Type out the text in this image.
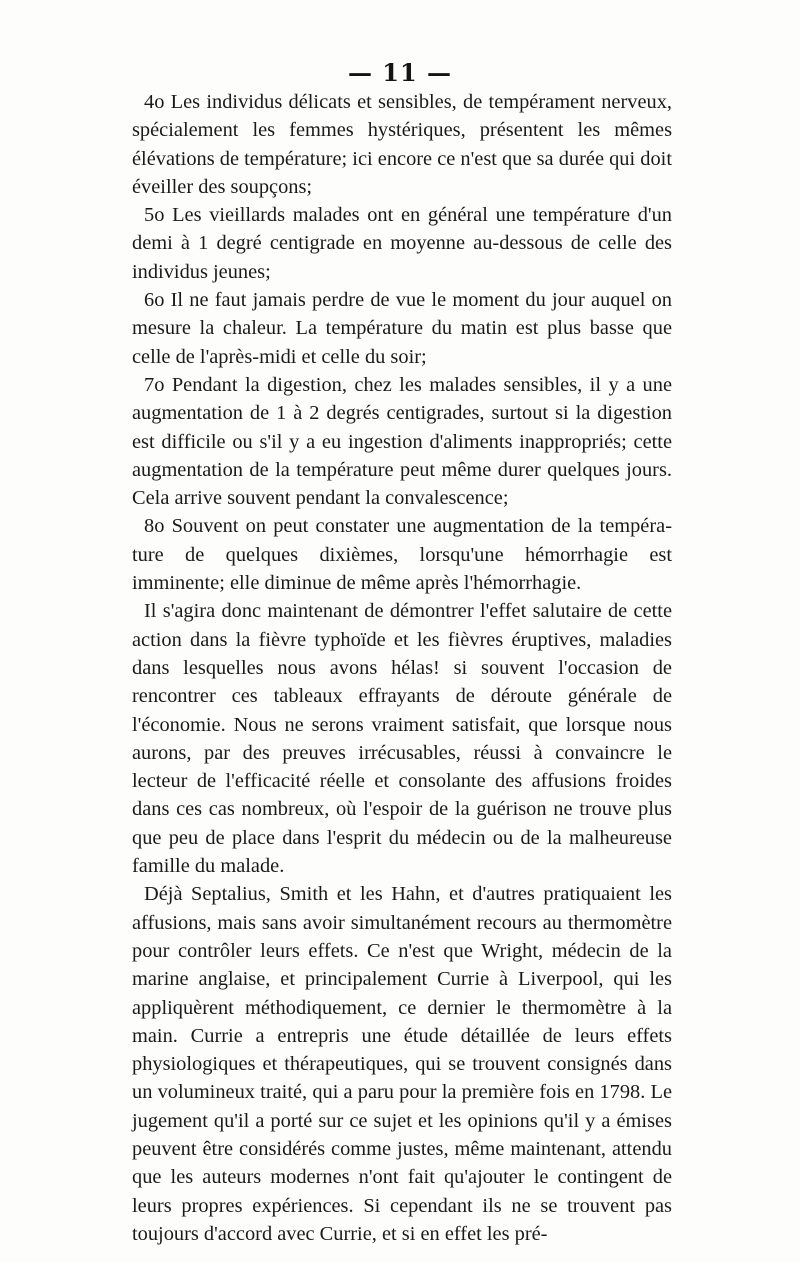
— 11 —

4o Les individus délicats et sensibles, de tempérament nerveux, spécialement les femmes hystériques, présentent les mêmes élévations de température; ici encore ce n'est que sa durée qui doit éveiller des soupçons;

5o Les vieillards malades ont en général une température d'un demi à 1 degré centigrade en moyenne au-dessous de celle des individus jeunes;

6o Il ne faut jamais perdre de vue le moment du jour auquel on mesure la chaleur. La température du matin est plus basse que celle de l'après-midi et celle du soir;

7o Pendant la digestion, chez les malades sensibles, il y a une augmentation de 1 à 2 degrés centigrades, surtout si la digestion est difficile ou s'il y a eu ingestion d'aliments inappropriés; cette augmentation de la température peut même durer quelques jours. Cela arrive souvent pendant la convalescence;

8o Souvent on peut constater une augmentation de la température de quelques dixièmes, lorsqu'une hémorrhagie est imminente; elle diminue de même après l'hémorrhagie.

Il s'agira donc maintenant de démontrer l'effet salutaire de cette action dans la fièvre typhoïde et les fièvres éruptives, maladies dans lesquelles nous avons hélas! si souvent l'occasion de rencontrer ces tableaux effrayants de déroute générale de l'économie. Nous ne serons vraiment satisfait, que lorsque nous aurons, par des preuves irrécusables, réussi à convaincre le lecteur de l'efficacité réelle et consolante des affusions froides dans ces cas nombreux, où l'espoir de la guérison ne trouve plus que peu de place dans l'esprit du médecin ou de la malheureuse famille du malade.

Déjà Septalius, Smith et les Hahn, et d'autres pratiquaient les affusions, mais sans avoir simultanément recours au thermomètre pour contrôler leurs effets. Ce n'est que Wright, médecin de la marine anglaise, et principalement Currie à Liverpool, qui les appliquèrent méthodiquement, ce dernier le thermomètre à la main. Currie a entrepris une étude détaillée de leurs effets physiologiques et thérapeutiques, qui se trouvent consignés dans un volumineux traité, qui a paru pour la première fois en 1798. Le jugement qu'il a porté sur ce sujet et les opinions qu'il y a émises peuvent être considérés comme justes, même maintenant, attendu que les auteurs modernes n'ont fait qu'ajouter le contingent de leurs propres expériences. Si cependant ils ne se trouvent pas toujours d'accord avec Currie, et si en effet les pré-
